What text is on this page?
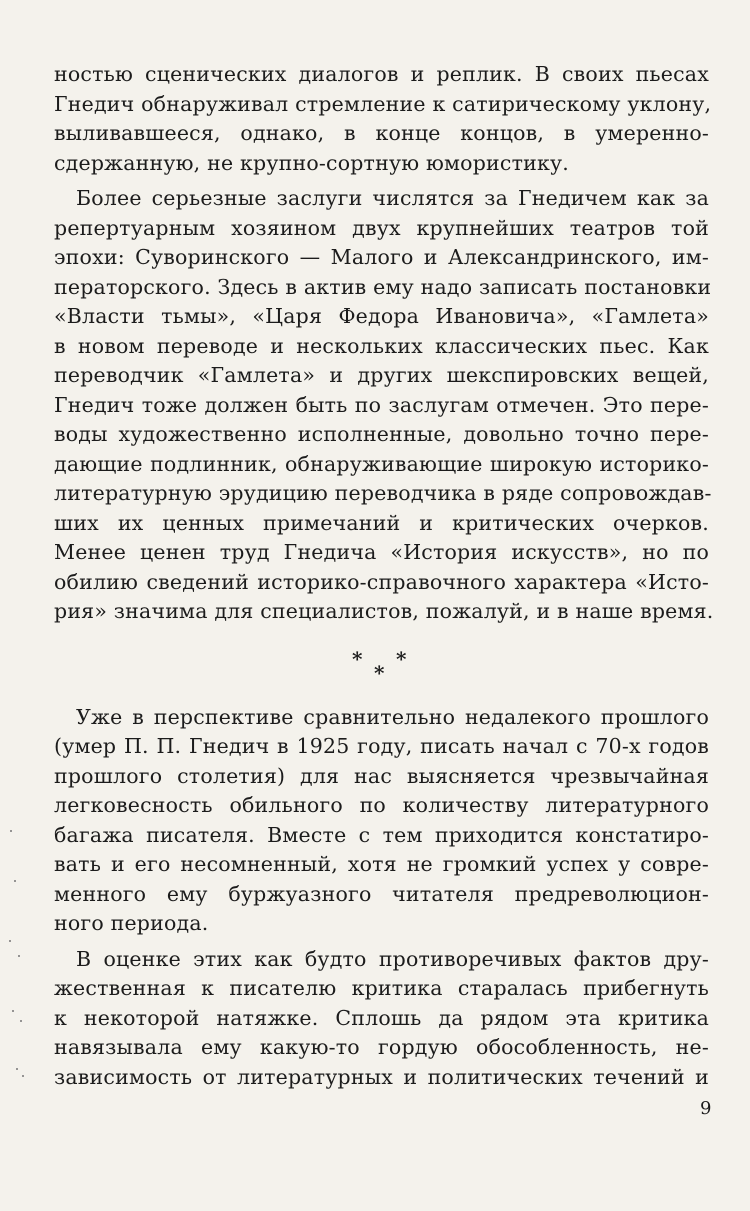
ностью сценических диалогов и реплик. В своих пьесах
Гнедич обнаруживал стремление к сатирическому уклону,
выливавшееся, однако, в конце концов, в умеренно-
сдержанную, не крупно-сортную юмористику.
Более серьезные заслуги числятся за Гнедичем как за
репертуарным хозяином двух крупнейших театров той
эпохи: Суворинского — Малого и Александринского, им-
ператорского. Здесь в актив ему надо записать постановки
«Власти тьмы», «Царя Федора Ивановича», «Гамлета»
в новом переводе и нескольких классических пьес. Как
переводчик «Гамлета» и других шекспировских вещей,
Гнедич тоже должен быть по заслугам отмечен. Это пере-
воды художественно исполненные, довольно точно пере-
дающие подлинник, обнаруживающие широкую историко-
литературную эрудицию переводчика в ряде сопровождав-
ших их ценных примечаний и критических очерков.
Менее ценен труд Гнедича «История искусств», но по
обилию сведений историко-справочного характера «Исто-
рия» значима для специалистов, пожалуй, и в наше время.
*
*
*
Уже в перспективе сравнительно недалекого прошлого
(умер П. П. Гнедич в 1925 году, писать начал с 70-х годов
прошлого столетия) для нас выясняется чрезвычайная
легковесность обильного по количеству литературного
багажа писателя. Вместе с тем приходится констатиро-
вать и его несомненный, хотя не громкий успех у совре-
менного ему буржуазного читателя предреволюцион-
ного периода.
В оценке этих как будто противоречивых фактов дру-
жественная к писателю критика старалась прибегнуть
к некоторой натяжке. Сплошь да рядом эта критика
навязывала ему какую-то гордую обособленность, не-
зависимость от литературных и политических течений и
9
